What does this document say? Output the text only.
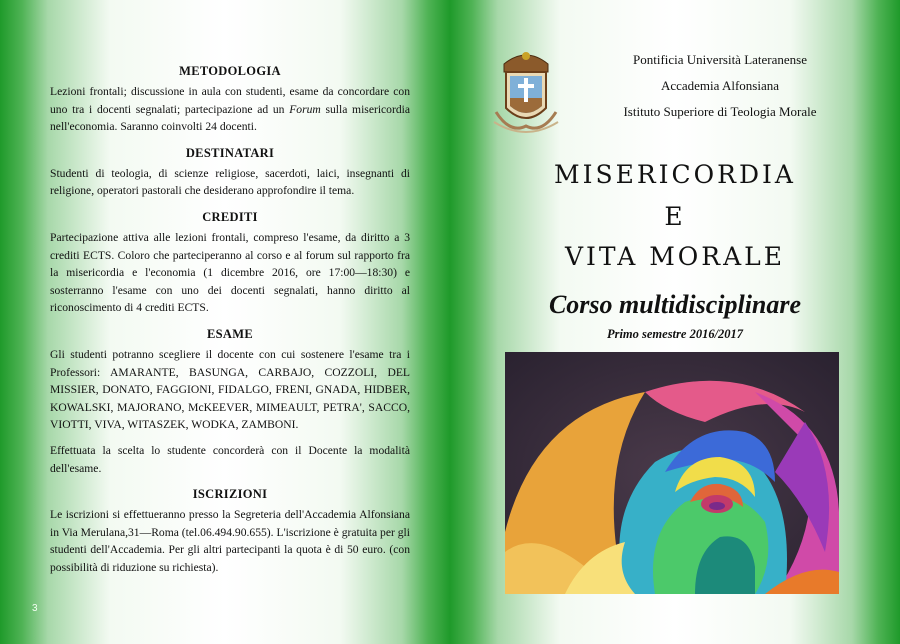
METODOLOGIA

Lezioni frontali; discussione in aula con studenti, esame da concordare con uno tra i docenti segnalati; partecipazione ad un Forum sulla misericordia nell'economia. Saranno coinvolti 24 docenti.

DESTINATARI

Studenti di teologia, di scienze religiose, sacerdoti, laici, insegnanti di religione, operatori pastorali che desiderano approfondire il tema.

CREDITI

Partecipazione attiva alle lezioni frontali, compreso l'esame, da diritto a 3 crediti ECTS. Coloro che parteciperanno al corso e al forum sul rapporto fra la misericordia e l'economia (1 dicembre 2016, ore 17:00—18:30) e sosterranno l'esame con uno dei docenti segnalati, hanno diritto al riconoscimento di 4 crediti ECTS.

ESAME

Gli studenti potranno scegliere il docente con cui sostenere l'esame tra i Professori: AMARANTE, BASUNGA, CARBAJO, COZZOLI, DEL MISSIER, DONATO, FAGGIONI, FIDALGO, FRENI, GNADA, HIDBER, KOWALSKI, MAJORANO, McKEEVER, MIMEAULT, PETRA', SACCO, VIOTTI, VIVA, WITASZEK, WODKA, ZAMBONI.

Effettuata la scelta lo studente concorderà con il Docente la modalità dell'esame.

ISCRIZIONI

Le iscrizioni si effettueranno presso la Segreteria dell'Accademia Alfonsiana in Via Merulana,31—Roma (tel.06.494.90.655). L'iscrizione è gratuita per gli studenti dell'Accademia. Per gli altri partecipanti la quota è di 50 euro. (con possibilità di riduzione su richiesta).

3
Pontificia Università Lateranense
Accademia Alfonsiana
Istituto Superiore di Teologia Morale
MISERICORDIA
E
VITA MORALE
Corso multidisciplinare
Primo semestre 2016/2017
